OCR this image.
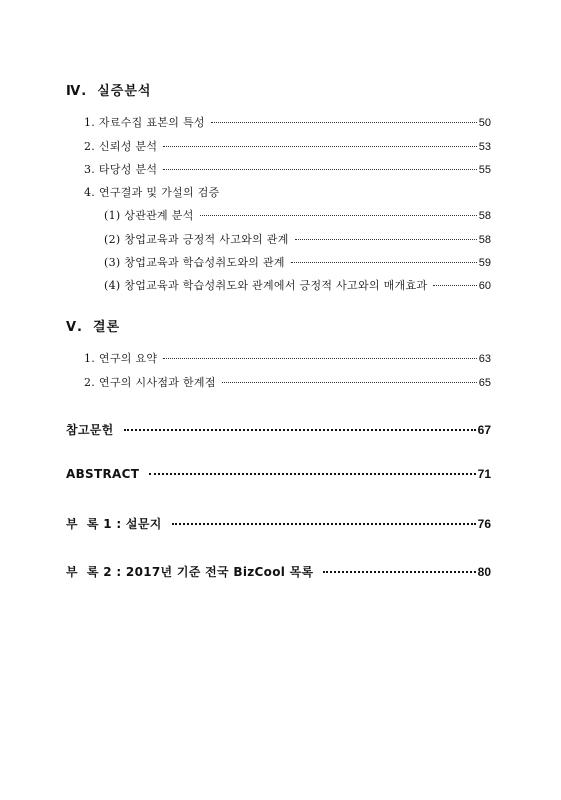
Ⅳ. 실증분석
1. 자료수집 표본의 특성	50
2. 신뢰성 분석	53
3. 타당성 분석	55
4. 연구결과 및 가설의 검증
(1) 상관관계 분석	58
(2) 창업교육과 긍정적 사고와의 관계	58
(3) 창업교육과 학습성취도와의 관계	59
(4) 창업교육과 학습성취도와 관계에서 긍정적 사고와의 매개효과	60
Ⅴ. 결론
1. 연구의 요약	63
2. 연구의 시사점과 한계점	65
참고문헌	67
ABSTRACT	71
부  록 1 : 설문지	76
부  록 2 : 2017년 기준 전국 BizCool 목록	80
